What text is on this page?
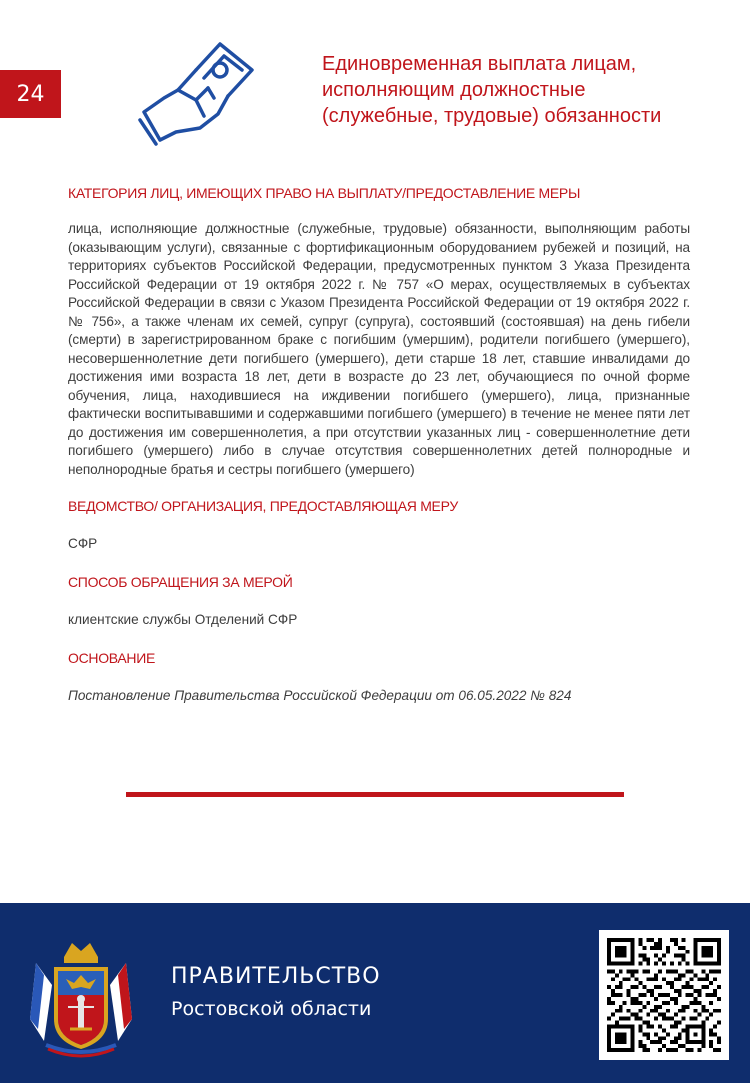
24
Единовременная выплата лицам,
исполняющим должностные
(служебные, трудовые) обязанности
КАТЕГОРИЯ ЛИЦ, ИМЕЮЩИХ ПРАВО НА ВЫПЛАТУ/ПРЕДОСТАВЛЕНИЕ МЕРЫ
лица, исполняющие должностные (служебные, трудовые) обязанности, выполняющим работы (оказывающим услуги), связанные с фортификационным оборудованием рубежей и позиций, на территориях субъектов Российской Федерации, предусмотренных пунктом 3 Указа Президента Российской Федерации от 19 октября 2022 г. № 757 «О мерах, осуществляемых в субъектах Российской Федерации в связи с Указом Президента Российской Федерации от 19 октября 2022 г. № 756», а также членам их семей, супруг (супруга), состоявший (состоявшая) на день гибели (смерти) в зарегистрированном браке с погибшим (умершим), родители погибшего (умершего), несовершеннолетние дети погибшего (умершего), дети старше 18 лет, ставшие инвалидами до достижения ими возраста 18 лет, дети в возрасте до 23 лет, обучающиеся по очной форме обучения, лица, находившиеся на иждивении погибшего (умершего), лица, признанные фактически воспитывавшими и содержавшими погибшего (умершего) в течение не менее пяти лет до достижения им совершеннолетия, а при отсутствии указанных лиц - совершеннолетние дети погибшего (умершего) либо в случае отсутствия совершеннолетних детей полнородные и неполнородные братья и сестры погибшего (умершего)
ВЕДОМСТВО/ ОРГАНИЗАЦИЯ, ПРЕДОСТАВЛЯЮЩАЯ МЕРУ
СФР
СПОСОБ ОБРАЩЕНИЯ ЗА МЕРОЙ
клиентские службы Отделений СФР
ОСНОВАНИЕ
Постановление Правительства Российской Федерации от 06.05.2022 № 824
ПРАВИТЕЛЬСТВО
Ростовской области
